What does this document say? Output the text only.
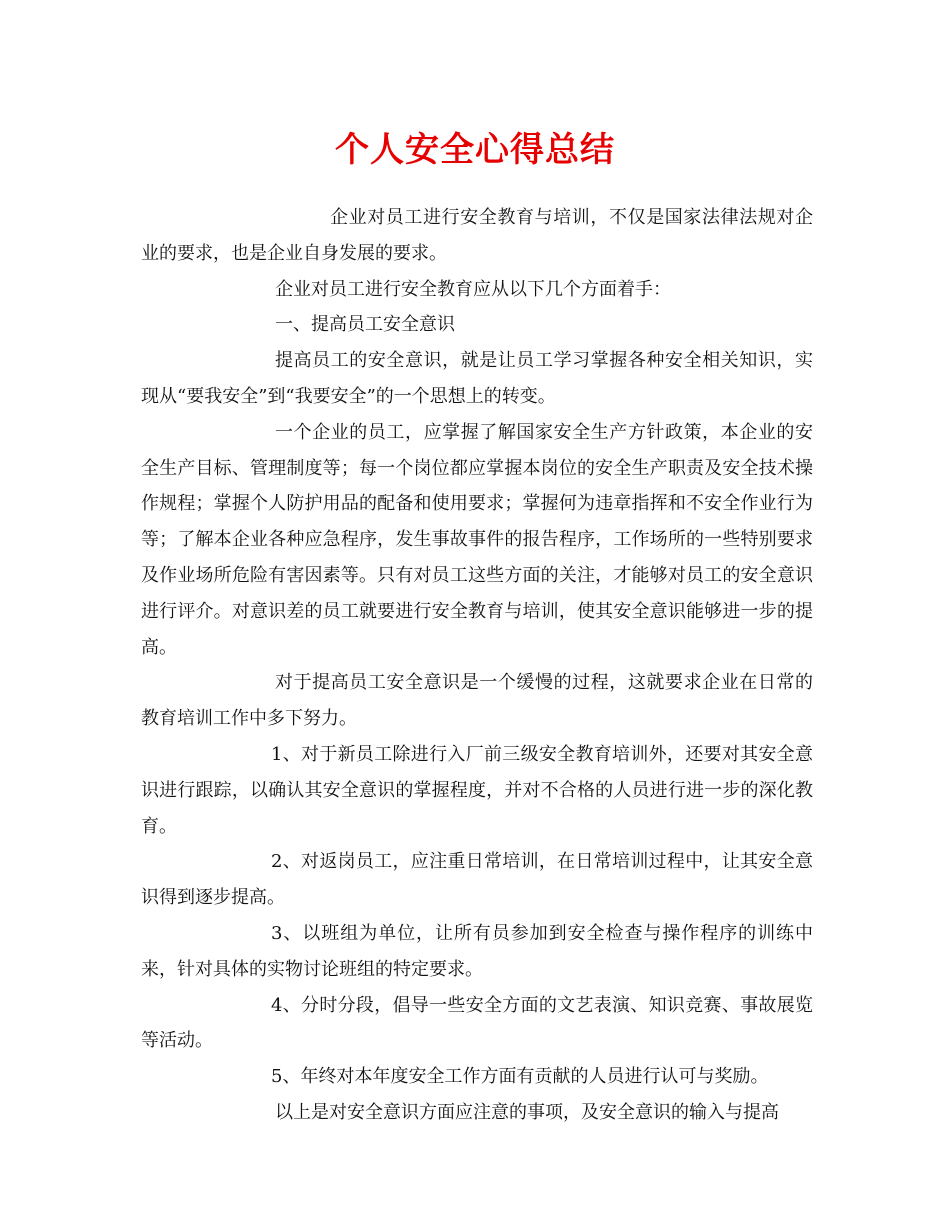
个人安全心得总结

企业对员工进行安全教育与培训，不仅是国家法律法规对企业的要求，也是企业自身发展的要求。

企业对员工进行安全教育应从以下几个方面着手：

一、提高员工安全意识

提高员工的安全意识，就是让员工学习掌握各种安全相关知识，实现从“要我安全”到“我要安全”的一个思想上的转变。

一个企业的员工，应掌握了解国家安全生产方针政策，本企业的安全生产目标、管理制度等；每一个岗位都应掌握本岗位的安全生产职责及安全技术操作规程；掌握个人防护用品的配备和使用要求；掌握何为违章指挥和不安全作业行为等；了解本企业各种应急程序，发生事故事件的报告程序，工作场所的一些特别要求及作业场所危险有害因素等。只有对员工这些方面的关注，才能够对员工的安全意识进行评介。对意识差的员工就要进行安全教育与培训，使其安全意识能够进一步的提高。

对于提高员工安全意识是一个缓慢的过程，这就要求企业在日常的教育培训工作中多下努力。

1、对于新员工除进行入厂前三级安全教育培训外，还要对其安全意识进行跟踪，以确认其安全意识的掌握程度，并对不合格的人员进行进一步的深化教育。

2、对返岗员工，应注重日常培训，在日常培训过程中，让其安全意识得到逐步提高。

3、以班组为单位，让所有员参加到安全检查与操作程序的训练中来，针对具体的实物讨论班组的特定要求。

4、分时分段，倡导一些安全方面的文艺表演、知识竞赛、事故展览等活动。

5、年终对本年度安全工作方面有贡献的人员进行认可与奖励。

以上是对安全意识方面应注意的事项，及安全意识的输入与提高
